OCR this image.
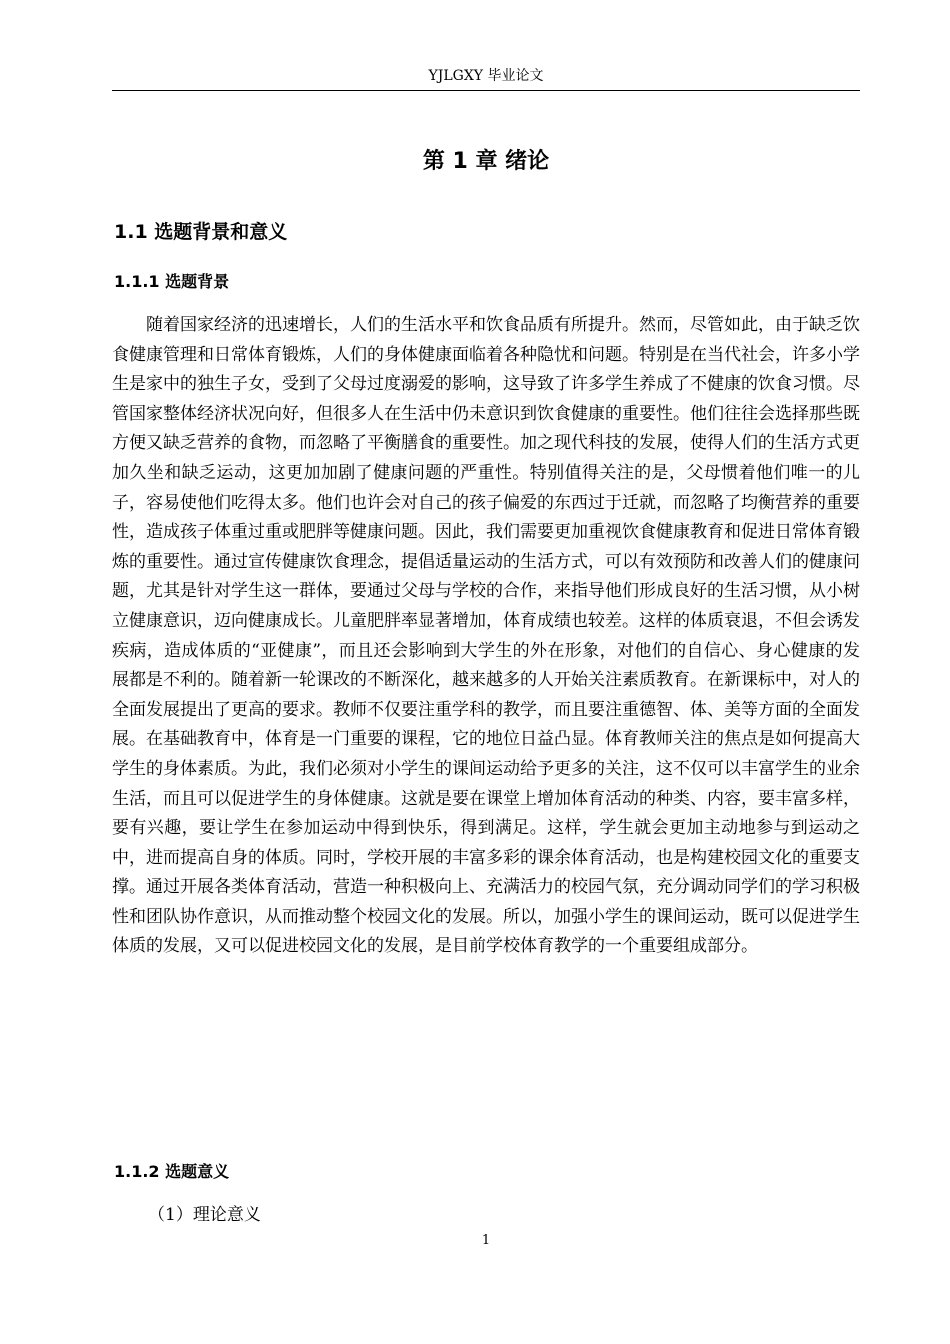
YJLGXY 毕业论文
第 1 章 绪论
1.1 选题背景和意义
1.1.1 选题背景

随着国家经济的迅速增长，人们的生活水平和饮食品质有所提升。然而，尽管如此，由于缺乏饮食健康管理和日常体育锻炼，人们的身体健康面临着各种隐忧和问题。特别是在当代社会，许多小学生是家中的独生子女，受到了父母过度溺爱的影响，这导致了许多学生养成了不健康的饮食习惯。尽管国家整体经济状况向好，但很多人在生活中仍未意识到饮食健康的重要性。他们往往会选择那些既方便又缺乏营养的食物，而忽略了平衡膳食的重要性。加之现代科技的发展，使得人们的生活方式更加久坐和缺乏运动，这更加加剧了健康问题的严重性。特别值得关注的是，父母惯着他们唯一的儿子，容易使他们吃得太多。他们也许会对自己的孩子偏爱的东西过于迁就，而忽略了均衡营养的重要性，造成孩子体重过重或肥胖等健康问题。因此，我们需要更加重视饮食健康教育和促进日常体育锻炼的重要性。通过宣传健康饮食理念，提倡适量运动的生活方式，可以有效预防和改善人们的健康问题，尤其是针对学生这一群体，要通过父母与学校的合作，来指导他们形成良好的生活习惯，从小树立健康意识，迈向健康成长。儿童肥胖率显著增加，体育成绩也较差。这样的体质衰退，不但会诱发疾病，造成体质的“亚健康”，而且还会影响到大学生的外在形象，对他们的自信心、身心健康的发展都是不利的。随着新一轮课改的不断深化，越来越多的人开始关注素质教育。在新课标中，对人的全面发展提出了更高的要求。教师不仅要注重学科的教学，而且要注重德智、体、美等方面的全面发展。在基础教育中，体育是一门重要的课程，它的地位日益凸显。体育教师关注的焦点是如何提高大学生的身体素质。为此，我们必须对小学生的课间运动给予更多的关注，这不仅可以丰富学生的业余生活，而且可以促进学生的身体健康。这就是要在课堂上增加体育活动的种类、内容，要丰富多样，要有兴趣，要让学生在参加运动中得到快乐，得到满足。这样，学生就会更加主动地参与到运动之中，进而提高自身的体质。同时，学校开展的丰富多彩的课余体育活动，也是构建校园文化的重要支撑。通过开展各类体育活动，营造一种积极向上、充满活力的校园气氛，充分调动同学们的学习积极性和团队协作意识，从而推动整个校园文化的发展。所以，加强小学生的课间运动，既可以促进学生体质的发展，又可以促进校园文化的发展，是目前学校体育教学的一个重要组成部分。

1.1.2 选题意义
（1）理论意义
1
